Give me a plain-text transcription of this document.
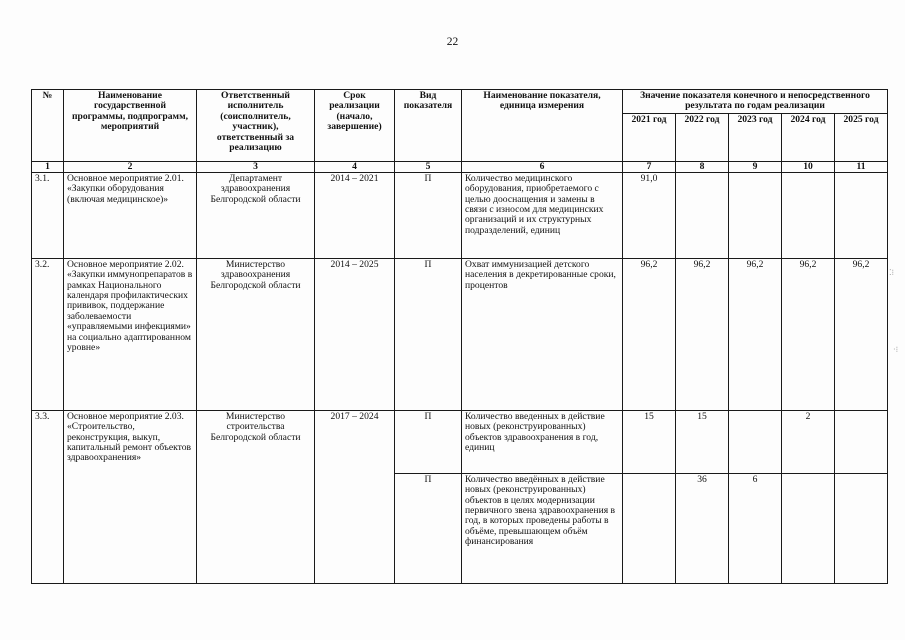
22
№	Наименование государственной программы, подпрограмм, мероприятий	Ответственный исполнитель (соисполнитель, участник), ответственный за реализацию	Срок реализации (начало, завершение)	Вид показателя	Наименование показателя, единица измерения	Значение показателя конечного и непосредственного результата по годам реализации				
						2021 год	2022 год	2023 год	2024 год	2025 год
1	2	3	4	5	6	7	8	9	10	11
3.1.	Основное мероприятие 2.01. «Закупки оборудования (включая медицинское)»	Департамент здравоохранения Белгородской области	2014 – 2021	П	Количество медицинского оборудования, приобретаемого с целью дооснащения и замены в связи с износом для медицинских организаций и их структурных подразделений, единиц	91,0				
3.2.	Основное мероприятие 2.02. «Закупки иммунопрепаратов в рамках Национального календаря профилактических прививок, поддержание заболеваемости «управляемыми инфекциями» на социально адаптированном уровне»	Министерство здравоохранения Белгородской области	2014 – 2025	П	Охват иммунизацией детского населения в декретированные сроки, процентов	96,2	96,2	96,2	96,2	96,2
3.3.	Основное мероприятие 2.03. «Строительство, реконструкция, выкуп, капитальный ремонт объектов здравоохранения»	Министерство строительства Белгородской области	2017 – 2024	П	Количество введенных в действие новых (реконструированных) объектов здравоохранения в год, единиц	15	15		2	
				П	Количество введённых в действие новых (реконструированных) объектов в целях модернизации первичного звена здравоохранения в год, в которых проведены работы в объёме, превышающем объём финансирования		36	6		
⁚⁝
·⁝
